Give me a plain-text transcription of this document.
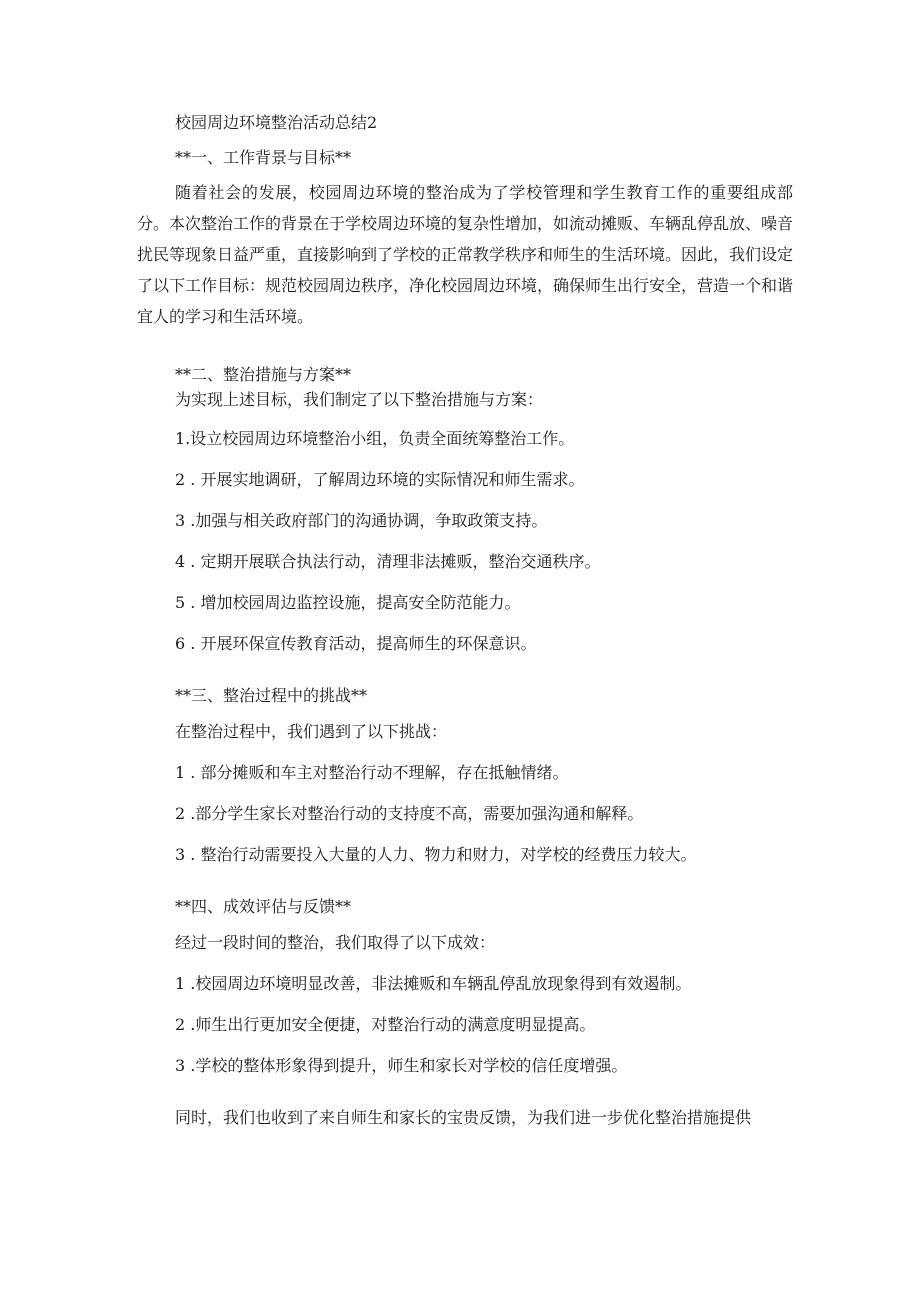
校园周边环境整治活动总结2
**一、工作背景与目标**
随着社会的发展，校园周边环境的整治成为了学校管理和学生教育工作的重要组成部分。本次整治工作的背景在于学校周边环境的复杂性增加，如流动摊贩、车辆乱停乱放、噪音扰民等现象日益严重，直接影响到了学校的正常教学秩序和师生的生活环境。因此，我们设定了以下工作目标：规范校园周边秩序，净化校园周边环境，确保师生出行安全，营造一个和谐宜人的学习和生活环境。
**二、整治措施与方案**
为实现上述目标，我们制定了以下整治措施与方案：
1.设立校园周边环境整治小组，负责全面统筹整治工作。
2 . 开展实地调研，了解周边环境的实际情况和师生需求。
3 .加强与相关政府部门的沟通协调，争取政策支持。
4 . 定期开展联合执法行动，清理非法摊贩，整治交通秩序。
5 . 增加校园周边监控设施，提高安全防范能力。
6 . 开展环保宣传教育活动，提高师生的环保意识。
**三、整治过程中的挑战**
在整治过程中，我们遇到了以下挑战：
1 . 部分摊贩和车主对整治行动不理解，存在抵触情绪。
2 .部分学生家长对整治行动的支持度不高，需要加强沟通和解释。
3 . 整治行动需要投入大量的人力、物力和财力，对学校的经费压力较大。
**四、成效评估与反馈**
经过一段时间的整治，我们取得了以下成效：
1 .校园周边环境明显改善，非法摊贩和车辆乱停乱放现象得到有效遏制。
2 .师生出行更加安全便捷，对整治行动的满意度明显提高。
3 .学校的整体形象得到提升，师生和家长对学校的信任度增强。
同时，我们也收到了来自师生和家长的宝贵反馈，为我们进一步优化整治措施提供
